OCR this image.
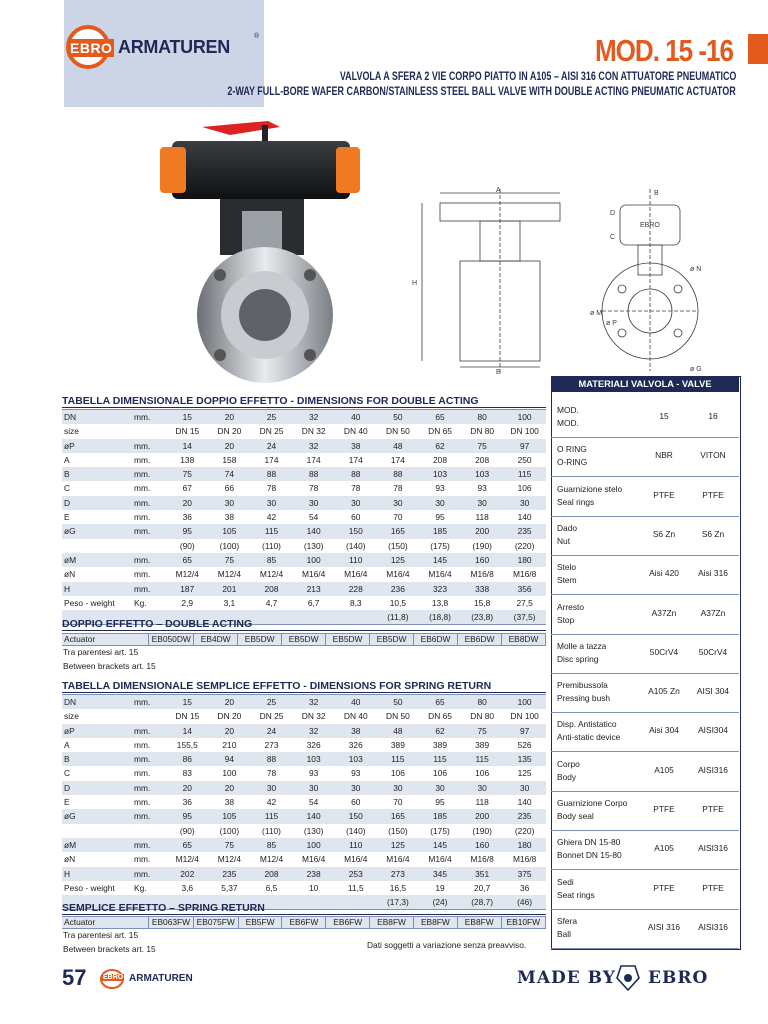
EBRO ARMATUREN
®	MOD. 15 -16
VALVOLA A SFERA 2 VIE CORPO PIATTO IN A105 – AISI 316 CON ATTUATORE PNEUMATICO
2-WAY FULL-BORE WAFER CARBON/STAINLESS STEEL BALL VALVE WITH DOUBLE ACTING PNEUMATIC ACTUATOR
A
H
E
B
D
C
EBRO
ø N
ø M
ø P
ø G
TABELLA DIMENSIONALE DOPPIO EFFETTO - DIMENSIONS FOR DOUBLE ACTING
DN	mm.	15	20	25	32	40	50	65	80	100
size		DN 15	DN 20	DN 25	DN 32	DN 40	DN 50	DN 65	DN 80	DN 100
øP	mm.	14	20	24	32	38	48	62	75	97
A	mm.	138	158	174	174	174	174	208	208	250
B	mm.	75	74	88	88	88	88	103	103	115
C	mm.	67	66	78	78	78	78	93	93	106
D	mm.	20	30	30	30	30	30	30	30	30
E	mm.	36	38	42	54	60	70	95	118	140
øG	mm.	95	105	115	140	150	165	185	200	235
		(90)	(100)	(110)	(130)	(140)	(150)	(175)	(190)	(220)
øM	mm.	65	75	85	100	110	125	145	160	180
øN	mm.	M12/4	M12/4	M12/4	M16/4	M16/4	M16/4	M16/4	M16/8	M16/8
H	mm.	187	201	208	213	228	236	323	338	356
Peso - weight	Kg.	2,9	3,1	4,7	6,7	8,3	10,5	13,8	15,8	27,5
							(11,8)	(18,8)	(23,8)	(37,5)
DOPPIO EFFETTO – DOUBLE ACTING
Actuator	EB050DW	EB4DW	EB5DW	EB5DW	EB5DW	EB5DW	EB6DW	EB6DW	EB8DW
Tra parentesi art. 15
Between brackets art. 15
TABELLA DIMENSIONALE SEMPLICE EFFETTO - DIMENSIONS FOR SPRING RETURN
DN	mm.	15	20	25	32	40	50	65	80	100
size		DN 15	DN 20	DN 25	DN 32	DN 40	DN 50	DN 65	DN 80	DN 100
øP	mm.	14	20	24	32	38	48	62	75	97
A	mm.	155,5	210	273	326	326	389	389	389	526
B	mm.	86	94	88	103	103	115	115	115	135
C	mm.	83	100	78	93	93	106	106	106	125
D	mm.	20	20	30	30	30	30	30	30	30
E	mm.	36	38	42	54	60	70	95	118	140
øG	mm.	95	105	115	140	150	165	185	200	235
		(90)	(100)	(110)	(130)	(140)	(150)	(175)	(190)	(220)
øM	mm.	65	75	85	100	110	125	145	160	180
øN	mm.	M12/4	M12/4	M12/4	M16/4	M16/4	M16/4	M16/4	M16/8	M16/8
H	mm.	202	235	208	238	253	273	345	351	375
Peso - weight	Kg.	3,6	5,37	6,5	10	11,5	16,5	19	20,7	36
							(17,3)	(24)	(28,7)	(46)
SEMPLICE EFFETTO – SPRING RETURN
Actuator	EB063FW	EB075FW	EB5FW	EB6FW	EB6FW	EB8FW	EB8FW	EB8FW	EB10FW
Tra parentesi art. 15
Between brackets art. 15	Dati soggetti a variazione senza preavviso.
MATERIALI VALVOLA - VALVE MATERIALS
MOD.
MOD.
15	16
O RING
O-RING
NBR	VITON
Guarnizione stelo
Seal rings
PTFE	PTFE
Dado
Nut
S6 Zn	S6 Zn
Stelo
Stem
Aisi 420	Aisi 316
Arresto
Stop
A37Zn	A37Zn
Molle a tazza
Disc spring
50CrV4	50CrV4
Premibussola
Pressing bush
A105 Zn	AISI 304
Disp. Antistatico
Anti-static device
Aisi 304	AISI304
Corpo
Body
A105	AISI316
Guarnizione Corpo
Body seal
PTFE	PTFE
Ghiera DN 15-80
Bonnet DN 15-80
A105	AISI316
Sedi
Seat rings
PTFE	PTFE
Sfera
Ball
AISI 316	AISI316
57 EBRO ARMATUREN	MADE BY EBRO
